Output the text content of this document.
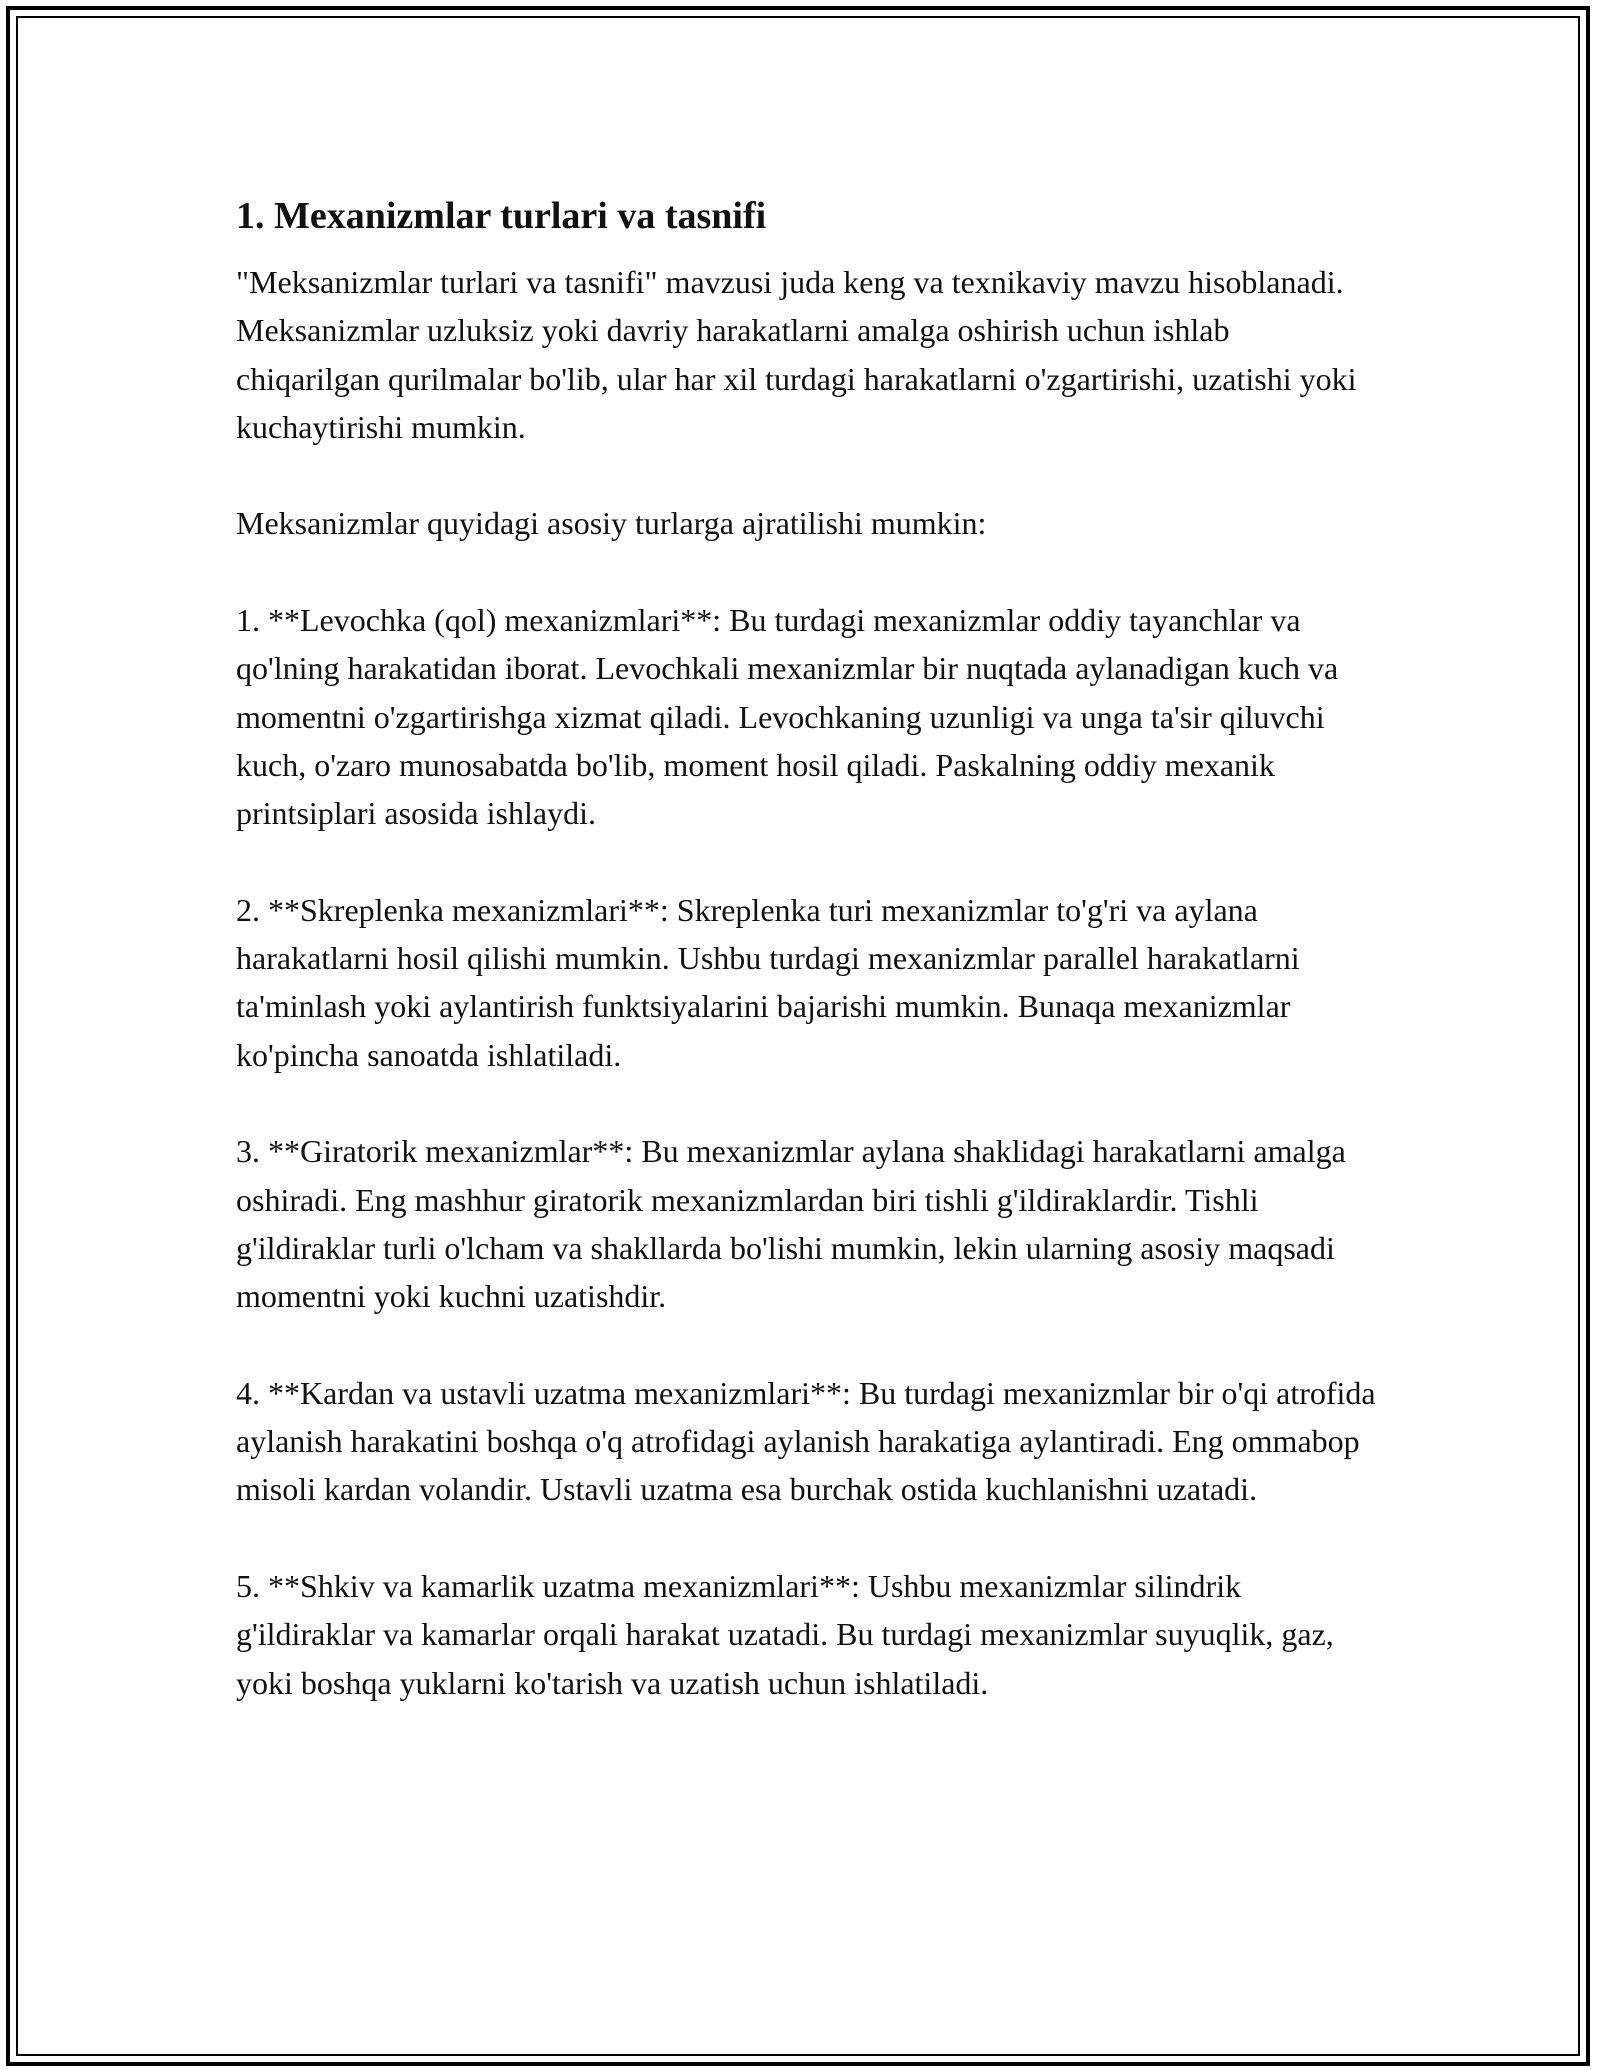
1. Mexanizmlar turlari va tasnifi

"Meksanizmlar turlari va tasnifi" mavzusi juda keng va texnikaviy mavzu hisoblanadi. Meksanizmlar uzluksiz yoki davriy harakatlarni amalga oshirish uchun ishlab chiqarilgan qurilmalar bo'lib, ular har xil turdagi harakatlarni o'zgartirishi, uzatishi yoki kuchaytirishi mumkin.

Meksanizmlar quyidagi asosiy turlarga ajratilishi mumkin:

1. **Levochka (qol) mexanizmlari**: Bu turdagi mexanizmlar oddiy tayanchlar va qo'lning harakatidan iborat. Levochkali mexanizmlar bir nuqtada aylanadigan kuch va momentni o'zgartirishga xizmat qiladi. Levochkaning uzunligi va unga ta'sir qiluvchi kuch, o'zaro munosabatda bo'lib, moment hosil qiladi. Paskalning oddiy mexanik printsiplari asosida ishlaydi.

2. **Skreplenka mexanizmlari**: Skreplenka turi mexanizmlar to'g'ri va aylana harakatlarni hosil qilishi mumkin. Ushbu turdagi mexanizmlar parallel harakatlarni ta'minlash yoki aylantirish funktsiyalarini bajarishi mumkin. Bunaqa mexanizmlar ko'pincha sanoatda ishlatiladi.

3. **Giratorik mexanizmlar**: Bu mexanizmlar aylana shaklidagi harakatlarni amalga oshiradi. Eng mashhur giratorik mexanizmlardan biri tishli g'ildiraklardir. Tishli g'ildiraklar turli o'lcham va shakllarda bo'lishi mumkin, lekin ularning asosiy maqsadi momentni yoki kuchni uzatishdir.

4. **Kardan va ustavli uzatma mexanizmlari**: Bu turdagi mexanizmlar bir o'qi atrofida aylanish harakatini boshqa o'q atrofidagi aylanish harakatiga aylantiradi. Eng ommabop misoli kardan volandir. Ustavli uzatma esa burchak ostida kuchlanishni uzatadi.

5. **Shkiv va kamarlik uzatma mexanizmlari**: Ushbu mexanizmlar silindrik g'ildiraklar va kamarlar orqali harakat uzatadi. Bu turdagi mexanizmlar suyuqlik, gaz, yoki boshqa yuklarni ko'tarish va uzatish uchun ishlatiladi.
